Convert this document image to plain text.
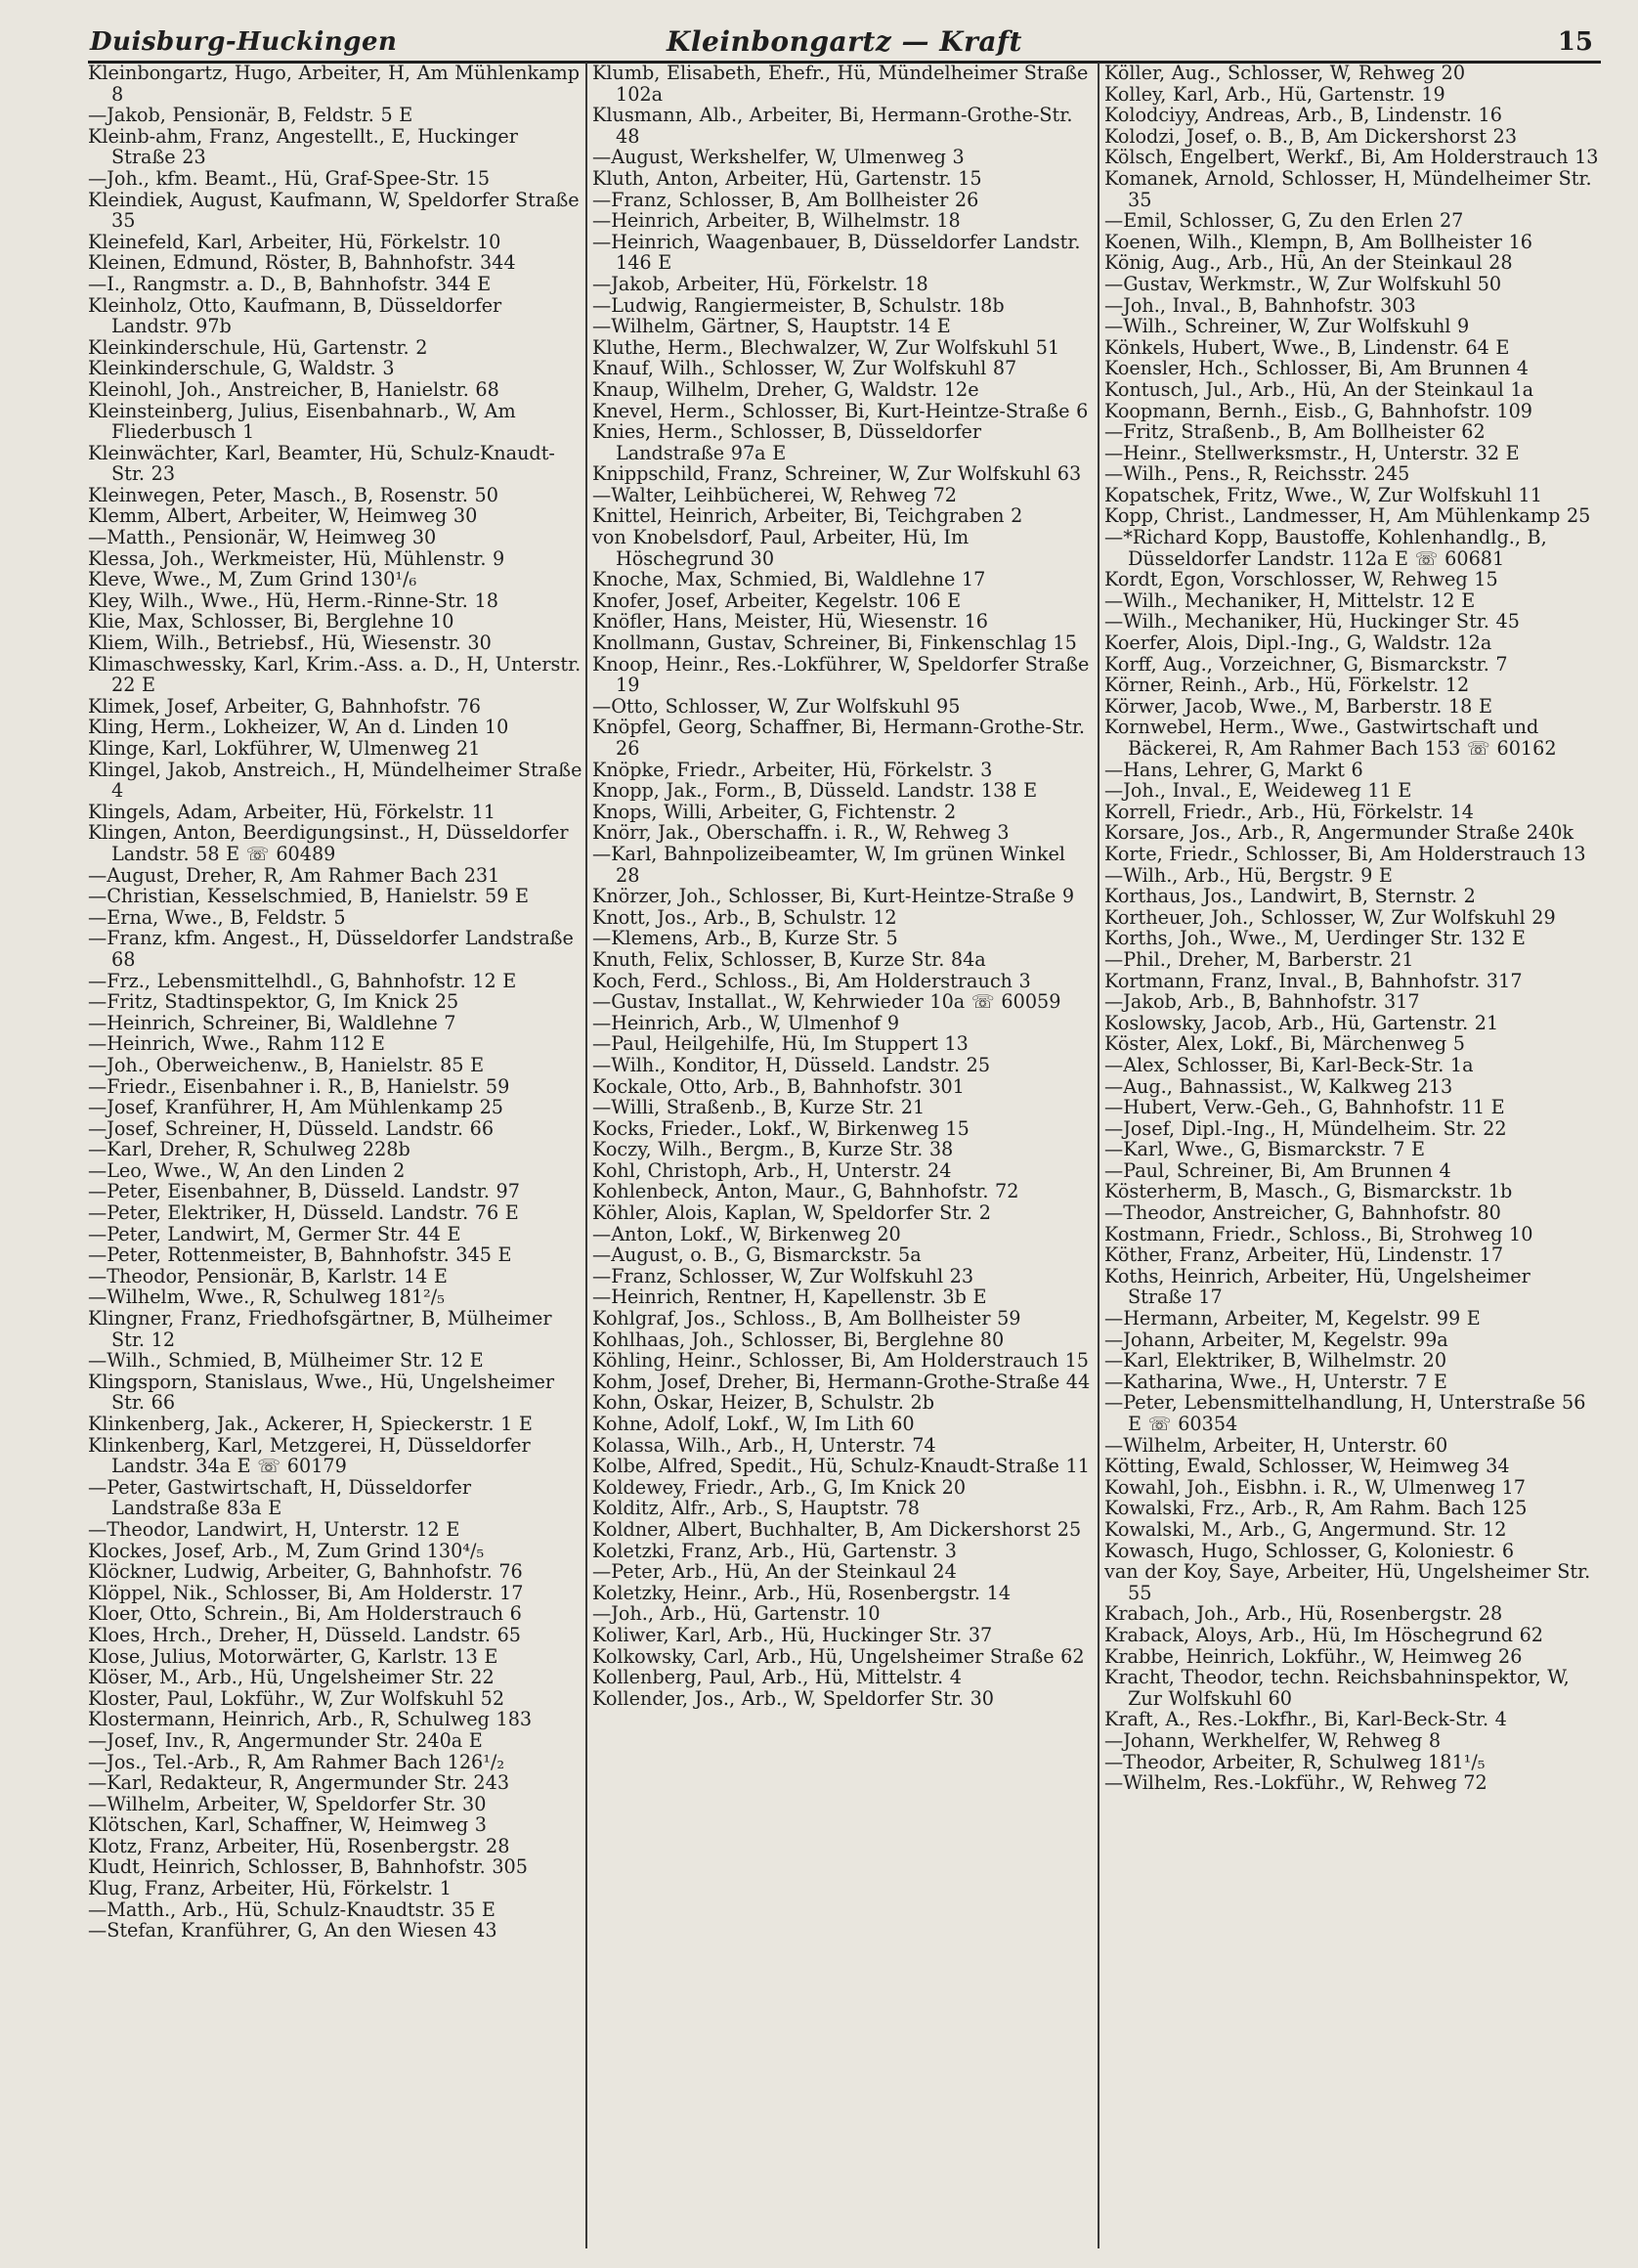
Duisburg-Huckingen	Kleinbongartz — Kraft	15

Kleinbongartz, Hugo, Arbeiter, H, Am Mühlenkamp 8

—Jakob, Pensionär, B, Feldstr. 5 E

Kleinb-ahm, Franz, Angestellt., E, Huckinger Straße 23

—Joh., kfm. Beamt., Hü, Graf-Spee-Str. 15

Kleindiek, August, Kaufmann, W, Speldorfer Straße 35

Kleinefeld, Karl, Arbeiter, Hü, Förkelstr. 10

Kleinen, Edmund, Röster, B, Bahnhofstr. 344

—I., Rangmstr. a. D., B, Bahnhofstr. 344 E

Kleinholz, Otto, Kaufmann, B, Düsseldorfer Landstr. 97b

Kleinkinderschule, Hü, Gartenstr. 2

Kleinkinderschule, G, Waldstr. 3

Kleinohl, Joh., Anstreicher, B, Hanielstr. 68

Kleinsteinberg, Julius, Eisenbahnarb., W, Am Fliederbusch 1

Kleinwächter, Karl, Beamter, Hü, Schulz-Knaudt-Str. 23

Kleinwegen, Peter, Masch., B, Rosenstr. 50

Klemm, Albert, Arbeiter, W, Heimweg 30

—Matth., Pensionär, W, Heimweg 30

Klessa, Joh., Werkmeister, Hü, Mühlenstr. 9

Kleve, Wwe., M, Zum Grind 130¹/₆

Kley, Wilh., Wwe., Hü, Herm.-Rinne-Str. 18

Klie, Max, Schlosser, Bi, Berglehne 10

Kliem, Wilh., Betriebsf., Hü, Wiesenstr. 30

Klimaschwessky, Karl, Krim.-Ass. a. D., H, Unterstr. 22 E

Klimek, Josef, Arbeiter, G, Bahnhofstr. 76

Kling, Herm., Lokheizer, W, An d. Linden 10

Klinge, Karl, Lokführer, W, Ulmenweg 21

Klingel, Jakob, Anstreich., H, Mündelheimer Straße 4

Klingels, Adam, Arbeiter, Hü, Förkelstr. 11

Klingen, Anton, Beerdigungsinst., H, Düsseldorfer Landstr. 58 E ☏ 60489

—August, Dreher, R, Am Rahmer Bach 231

—Christian, Kesselschmied, B, Hanielstr. 59 E

—Erna, Wwe., B, Feldstr. 5

—Franz, kfm. Angest., H, Düsseldorfer Landstraße 68

—Frz., Lebensmittelhdl., G, Bahnhofstr. 12 E

—Fritz, Stadtinspektor, G, Im Knick 25

—Heinrich, Schreiner, Bi, Waldlehne 7

—Heinrich, Wwe., Rahm 112 E

—Joh., Oberweichenw., B, Hanielstr. 85 E

—Friedr., Eisenbahner i. R., B, Hanielstr. 59

—Josef, Kranführer, H, Am Mühlenkamp 25

—Josef, Schreiner, H, Düsseld. Landstr. 66

—Karl, Dreher, R, Schulweg 228b

—Leo, Wwe., W, An den Linden 2

—Peter, Eisenbahner, B, Düsseld. Landstr. 97

—Peter, Elektriker, H, Düsseld. Landstr. 76 E

—Peter, Landwirt, M, Germer Str. 44 E

—Peter, Rottenmeister, B, Bahnhofstr. 345 E

—Theodor, Pensionär, B, Karlstr. 14 E

—Wilhelm, Wwe., R, Schulweg 181²/₅

Klingner, Franz, Friedhofsgärtner, B, Mülheimer Str. 12

—Wilh., Schmied, B, Mülheimer Str. 12 E

Klingsporn, Stanislaus, Wwe., Hü, Ungelsheimer Str. 66

Klinkenberg, Jak., Ackerer, H, Spieckerstr. 1 E

Klinkenberg, Karl, Metzgerei, H, Düsseldorfer Landstr. 34a E ☏ 60179

—Peter, Gastwirtschaft, H, Düsseldorfer Landstraße 83a E

—Theodor, Landwirt, H, Unterstr. 12 E

Klockes, Josef, Arb., M, Zum Grind 130⁴/₅

Klöckner, Ludwig, Arbeiter, G, Bahnhofstr. 76

Klöppel, Nik., Schlosser, Bi, Am Holderstr. 17

Kloer, Otto, Schrein., Bi, Am Holderstrauch 6

Kloes, Hrch., Dreher, H, Düsseld. Landstr. 65

Klose, Julius, Motorwärter, G, Karlstr. 13 E

Klöser, M., Arb., Hü, Ungelsheimer Str. 22

Kloster, Paul, Lokführ., W, Zur Wolfskuhl 52

Klostermann, Heinrich, Arb., R, Schulweg 183

—Josef, Inv., R, Angermunder Str. 240a E

—Jos., Tel.-Arb., R, Am Rahmer Bach 126¹/₂

—Karl, Redakteur, R, Angermunder Str. 243

—Wilhelm, Arbeiter, W, Speldorfer Str. 30

Klötschen, Karl, Schaffner, W, Heimweg 3

Klotz, Franz, Arbeiter, Hü, Rosenbergstr. 28

Kludt, Heinrich, Schlosser, B, Bahnhofstr. 305

Klug, Franz, Arbeiter, Hü, Förkelstr. 1

—Matth., Arb., Hü, Schulz-Knaudtstr. 35 E

—Stefan, Kranführer, G, An den Wiesen 43

Klumb, Elisabeth, Ehefr., Hü, Mündelheimer Straße 102a

Klusmann, Alb., Arbeiter, Bi, Hermann-Grothe-Str. 48

—August, Werkshelfer, W, Ulmenweg 3

Kluth, Anton, Arbeiter, Hü, Gartenstr. 15

—Franz, Schlosser, B, Am Bollheister 26

—Heinrich, Arbeiter, B, Wilhelmstr. 18

—Heinrich, Waagenbauer, B, Düsseldorfer Landstr. 146 E

—Jakob, Arbeiter, Hü, Förkelstr. 18

—Ludwig, Rangiermeister, B, Schulstr. 18b

—Wilhelm, Gärtner, S, Hauptstr. 14 E

Kluthe, Herm., Blechwalzer, W, Zur Wolfskuhl 51

Knauf, Wilh., Schlosser, W, Zur Wolfskuhl 87

Knaup, Wilhelm, Dreher, G, Waldstr. 12e

Knevel, Herm., Schlosser, Bi, Kurt-Heintze-Straße 6

Knies, Herm., Schlosser, B, Düsseldorfer Landstraße 97a E

Knippschild, Franz, Schreiner, W, Zur Wolfskuhl 63

—Walter, Leihbücherei, W, Rehweg 72

Knittel, Heinrich, Arbeiter, Bi, Teichgraben 2

von Knobelsdorf, Paul, Arbeiter, Hü, Im Höschegrund 30

Knoche, Max, Schmied, Bi, Waldlehne 17

Knofer, Josef, Arbeiter, Kegelstr. 106 E

Knöfler, Hans, Meister, Hü, Wiesenstr. 16

Knollmann, Gustav, Schreiner, Bi, Finkenschlag 15

Knoop, Heinr., Res.-Lokführer, W, Speldorfer Straße 19

—Otto, Schlosser, W, Zur Wolfskuhl 95

Knöpfel, Georg, Schaffner, Bi, Hermann-Grothe-Str. 26

Knöpke, Friedr., Arbeiter, Hü, Förkelstr. 3

Knopp, Jak., Form., B, Düsseld. Landstr. 138 E

Knops, Willi, Arbeiter, G, Fichtenstr. 2

Knörr, Jak., Oberschaffn. i. R., W, Rehweg 3

—Karl, Bahnpolizeibeamter, W, Im grünen Winkel 28

Knörzer, Joh., Schlosser, Bi, Kurt-Heintze-Straße 9

Knott, Jos., Arb., B, Schulstr. 12

—Klemens, Arb., B, Kurze Str. 5

Knuth, Felix, Schlosser, B, Kurze Str. 84a

Koch, Ferd., Schloss., Bi, Am Holderstrauch 3

—Gustav, Installat., W, Kehrwieder 10a ☏ 60059

—Heinrich, Arb., W, Ulmenhof 9

—Paul, Heilgehilfe, Hü, Im Stuppert 13

—Wilh., Konditor, H, Düsseld. Landstr. 25

Kockale, Otto, Arb., B, Bahnhofstr. 301

—Willi, Straßenb., B, Kurze Str. 21

Kocks, Frieder., Lokf., W, Birkenweg 15

Koczy, Wilh., Bergm., B, Kurze Str. 38

Kohl, Christoph, Arb., H, Unterstr. 24

Kohlenbeck, Anton, Maur., G, Bahnhofstr. 72

Köhler, Alois, Kaplan, W, Speldorfer Str. 2

—Anton, Lokf., W, Birkenweg 20

—August, o. B., G, Bismarckstr. 5a

—Franz, Schlosser, W, Zur Wolfskuhl 23

—Heinrich, Rentner, H, Kapellenstr. 3b E

Kohlgraf, Jos., Schloss., B, Am Bollheister 59

Kohlhaas, Joh., Schlosser, Bi, Berglehne 80

Köhling, Heinr., Schlosser, Bi, Am Holderstrauch 15

Kohm, Josef, Dreher, Bi, Hermann-Grothe-Straße 44

Kohn, Oskar, Heizer, B, Schulstr. 2b

Kohne, Adolf, Lokf., W, Im Lith 60

Kolassa, Wilh., Arb., H, Unterstr. 74

Kolbe, Alfred, Spedit., Hü, Schulz-Knaudt-Straße 11

Koldewey, Friedr., Arb., G, Im Knick 20

Kolditz, Alfr., Arb., S, Hauptstr. 78

Koldner, Albert, Buchhalter, B, Am Dickershorst 25

Koletzki, Franz, Arb., Hü, Gartenstr. 3

—Peter, Arb., Hü, An der Steinkaul 24

Koletzky, Heinr., Arb., Hü, Rosenbergstr. 14

—Joh., Arb., Hü, Gartenstr. 10

Koliwer, Karl, Arb., Hü, Huckinger Str. 37

Kolkowsky, Carl, Arb., Hü, Ungelsheimer Straße 62

Kollenberg, Paul, Arb., Hü, Mittelstr. 4

Kollender, Jos., Arb., W, Speldorfer Str. 30

Köller, Aug., Schlosser, W, Rehweg 20

Kolley, Karl, Arb., Hü, Gartenstr. 19

Kolodciyy, Andreas, Arb., B, Lindenstr. 16

Kolodzi, Josef, o. B., B, Am Dickershorst 23

Kölsch, Engelbert, Werkf., Bi, Am Holderstrauch 13

Komanek, Arnold, Schlosser, H, Mündelheimer Str. 35

—Emil, Schlosser, G, Zu den Erlen 27

Koenen, Wilh., Klempn, B, Am Bollheister 16

König, Aug., Arb., Hü, An der Steinkaul 28

—Gustav, Werkmstr., W, Zur Wolfskuhl 50

—Joh., Inval., B, Bahnhofstr. 303

—Wilh., Schreiner, W, Zur Wolfskuhl 9

Könkels, Hubert, Wwe., B, Lindenstr. 64 E

Koensler, Hch., Schlosser, Bi, Am Brunnen 4

Kontusch, Jul., Arb., Hü, An der Steinkaul 1a

Koopmann, Bernh., Eisb., G, Bahnhofstr. 109

—Fritz, Straßenb., B, Am Bollheister 62

—Heinr., Stellwerksmstr., H, Unterstr. 32 E

—Wilh., Pens., R, Reichsstr. 245

Kopatschek, Fritz, Wwe., W, Zur Wolfskuhl 11

Kopp, Christ., Landmesser, H, Am Mühlenkamp 25

—*Richard Kopp, Baustoffe, Kohlenhandlg., B, Düsseldorfer Landstr. 112a E ☏ 60681

Kordt, Egon, Vorschlosser, W, Rehweg 15

—Wilh., Mechaniker, H, Mittelstr. 12 E

—Wilh., Mechaniker, Hü, Huckinger Str. 45

Koerfer, Alois, Dipl.-Ing., G, Waldstr. 12a

Korff, Aug., Vorzeichner, G, Bismarckstr. 7

Körner, Reinh., Arb., Hü, Förkelstr. 12

Körwer, Jacob, Wwe., M, Barberstr. 18 E

Kornwebel, Herm., Wwe., Gastwirtschaft und Bäckerei, R, Am Rahmer Bach 153 ☏ 60162

—Hans, Lehrer, G, Markt 6

—Joh., Inval., E, Weideweg 11 E

Korrell, Friedr., Arb., Hü, Förkelstr. 14

Korsare, Jos., Arb., R, Angermunder Straße 240k

Korte, Friedr., Schlosser, Bi, Am Holderstrauch 13

—Wilh., Arb., Hü, Bergstr. 9 E

Korthaus, Jos., Landwirt, B, Sternstr. 2

Kortheuer, Joh., Schlosser, W, Zur Wolfskuhl 29

Korths, Joh., Wwe., M, Uerdinger Str. 132 E

—Phil., Dreher, M, Barberstr. 21

Kortmann, Franz, Inval., B, Bahnhofstr. 317

—Jakob, Arb., B, Bahnhofstr. 317

Koslowsky, Jacob, Arb., Hü, Gartenstr. 21

Köster, Alex, Lokf., Bi, Märchenweg 5

—Alex, Schlosser, Bi, Karl-Beck-Str. 1a

—Aug., Bahnassist., W, Kalkweg 213

—Hubert, Verw.-Geh., G, Bahnhofstr. 11 E

—Josef, Dipl.-Ing., H, Mündelheim. Str. 22

—Karl, Wwe., G, Bismarckstr. 7 E

—Paul, Schreiner, Bi, Am Brunnen 4

Kösterherm, B, Masch., G, Bismarckstr. 1b

—Theodor, Anstreicher, G, Bahnhofstr. 80

Kostmann, Friedr., Schloss., Bi, Strohweg 10

Köther, Franz, Arbeiter, Hü, Lindenstr. 17

Koths, Heinrich, Arbeiter, Hü, Ungelsheimer Straße 17

—Hermann, Arbeiter, M, Kegelstr. 99 E

—Johann, Arbeiter, M, Kegelstr. 99a

—Karl, Elektriker, B, Wilhelmstr. 20

—Katharina, Wwe., H, Unterstr. 7 E

—Peter, Lebensmittelhandlung, H, Unterstraße 56 E ☏ 60354

—Wilhelm, Arbeiter, H, Unterstr. 60

Kötting, Ewald, Schlosser, W, Heimweg 34

Kowahl, Joh., Eisbhn. i. R., W, Ulmenweg 17

Kowalski, Frz., Arb., R, Am Rahm. Bach 125

Kowalski, M., Arb., G, Angermund. Str. 12

Kowasch, Hugo, Schlosser, G, Koloniestr. 6

van der Koy, Saye, Arbeiter, Hü, Ungelsheimer Str. 55

Krabach, Joh., Arb., Hü, Rosenbergstr. 28

Kraback, Aloys, Arb., Hü, Im Höschegrund 62

Krabbe, Heinrich, Lokführ., W, Heimweg 26

Kracht, Theodor, techn. Reichsbahninspektor, W, Zur Wolfskuhl 60

Kraft, A., Res.-Lokfhr., Bi, Karl-Beck-Str. 4

—Johann, Werkhelfer, W, Rehweg 8

—Theodor, Arbeiter, R, Schulweg 181¹/₅

—Wilhelm, Res.-Lokführ., W, Rehweg 72
